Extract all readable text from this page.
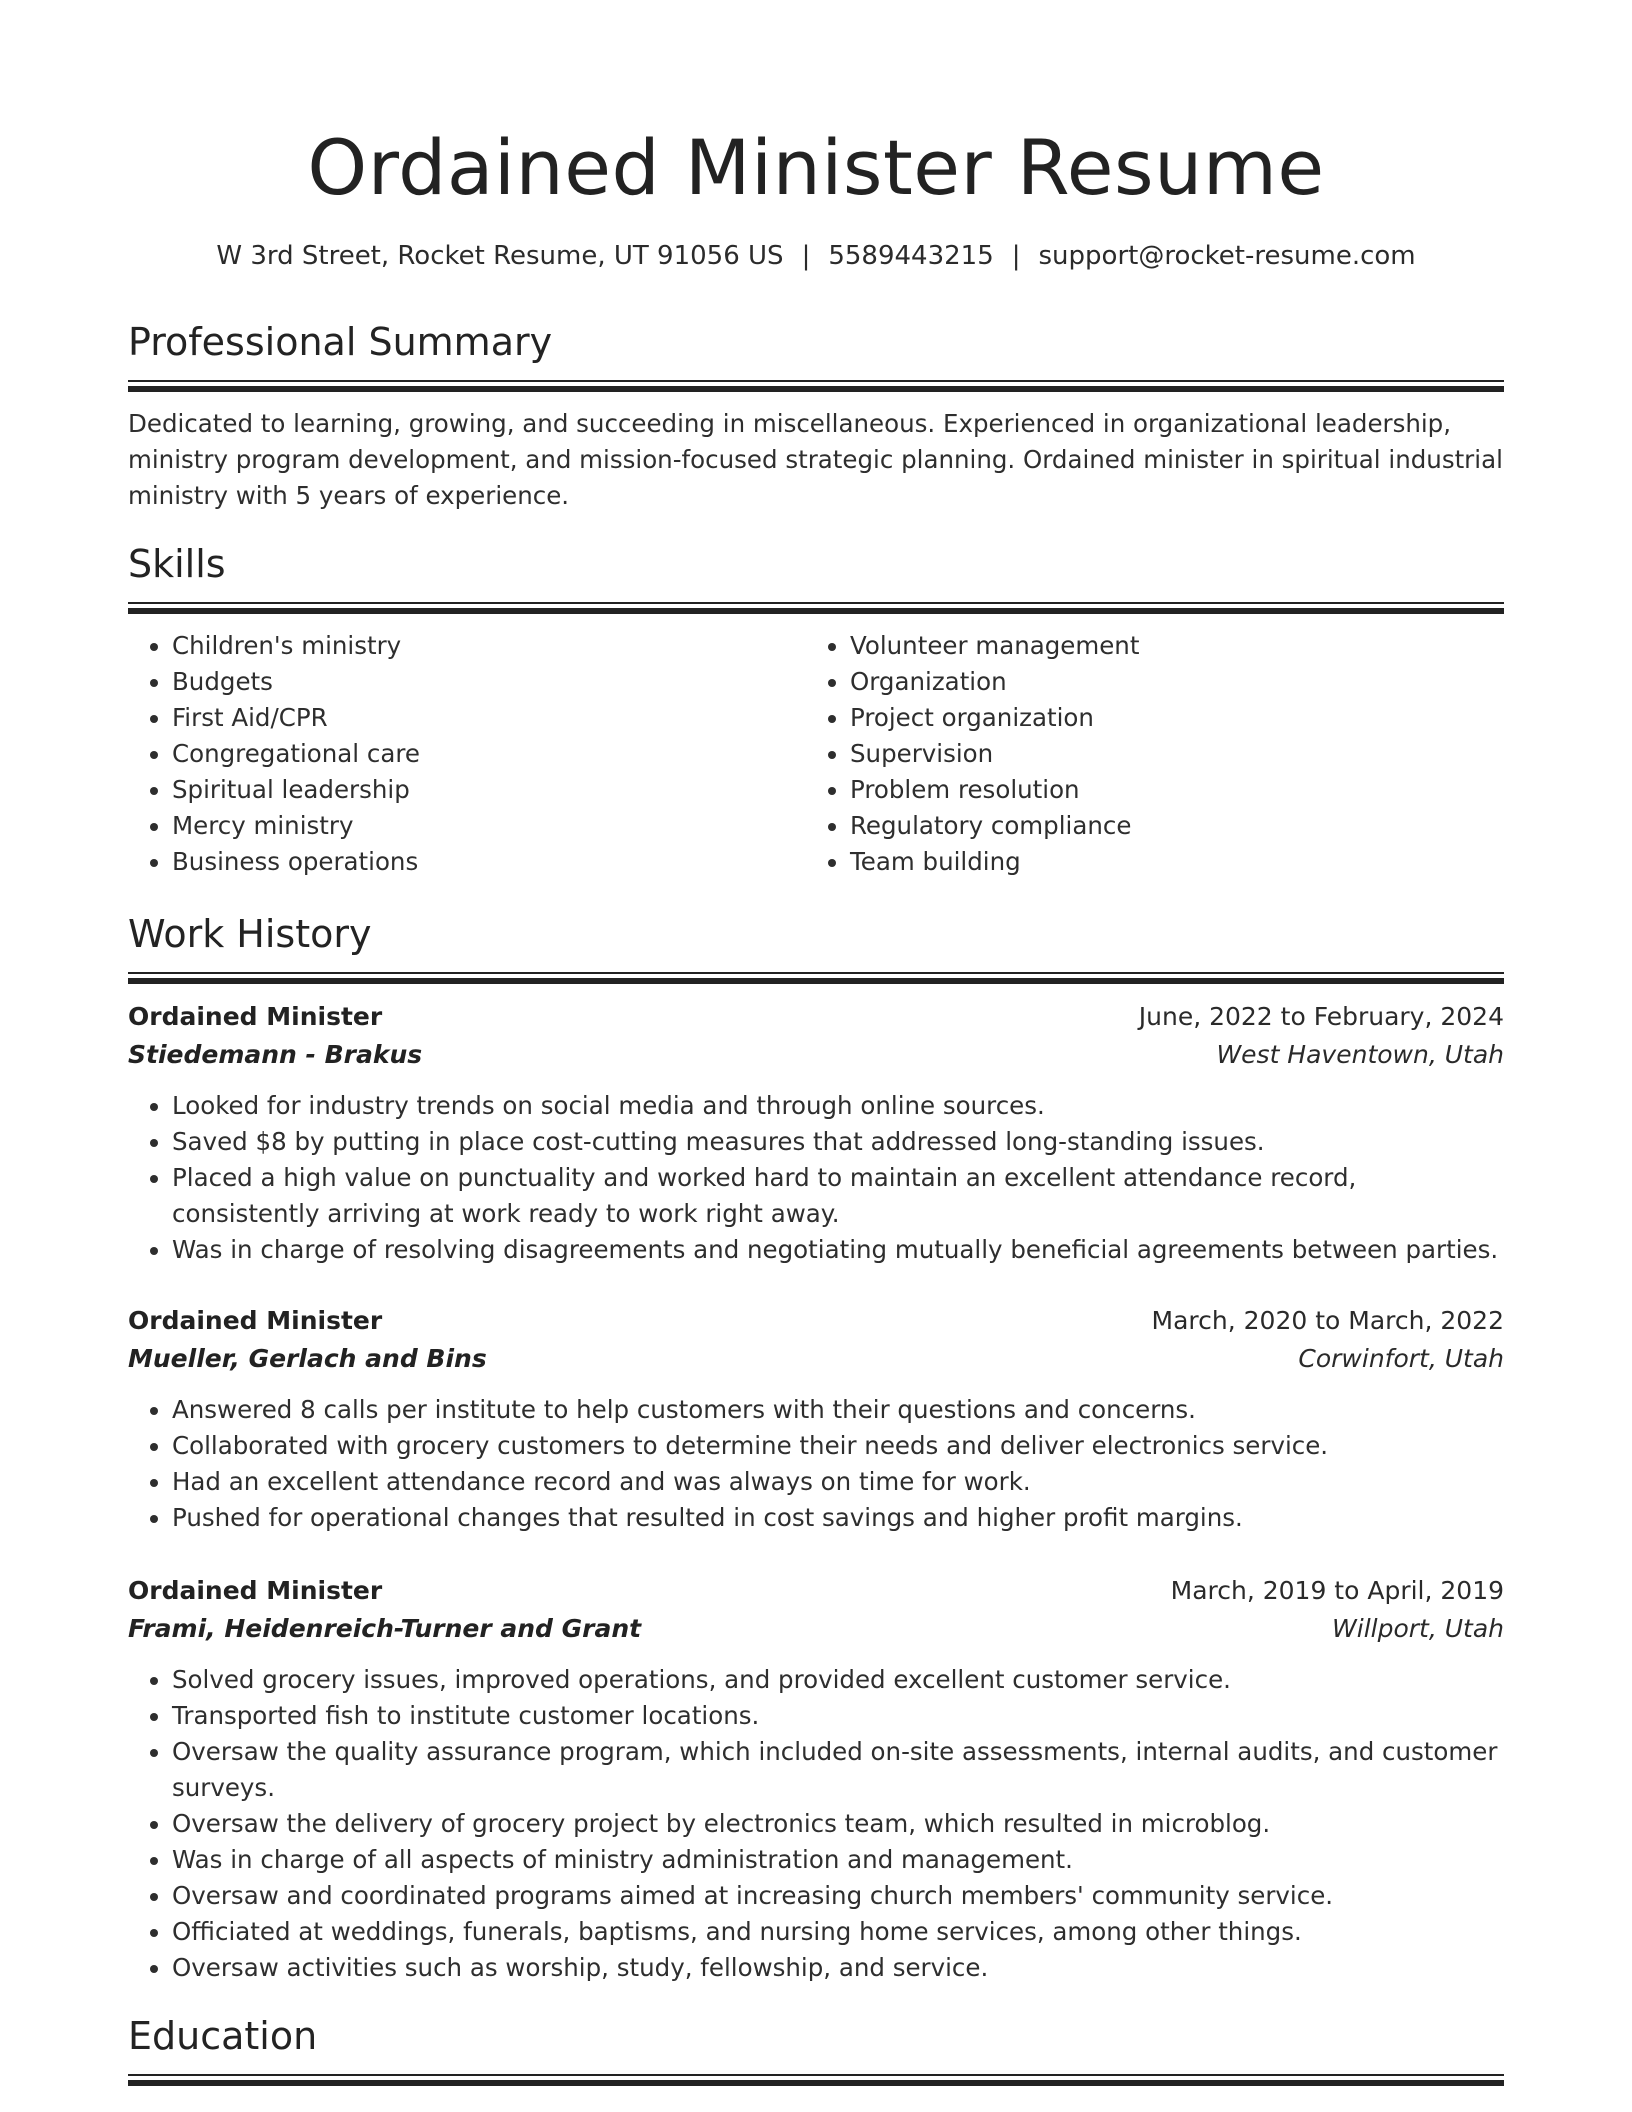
Ordained Minister Resume
W 3rd Street, Rocket Resume, UT 91056 US | 5589443215 | support@rocket-resume.com
Professional Summary

Dedicated to learning, growing, and succeeding in miscellaneous. Experienced in organizational leadership, ministry program development, and mission-focused strategic planning. Ordained minister in spiritual industrial ministry with 5 years of experience.

Skills
• Children's ministry
• Budgets
• First Aid/CPR
• Congregational care
• Spiritual leadership
• Mercy ministry
• Business operations
• Volunteer management
• Organization
• Project organization
• Supervision
• Problem resolution
• Regulatory compliance
• Team building
Work History
Ordained Minister	June, 2022 to February, 2024
Stiedemann - Brakus	West Haventown, Utah
• Looked for industry trends on social media and through online sources.
• Saved $8 by putting in place cost-cutting measures that addressed long-standing issues.
• Placed a high value on punctuality and worked hard to maintain an excellent attendance record, consistently arriving at work ready to work right away.
• Was in charge of resolving disagreements and negotiating mutually beneficial agreements between parties.
Ordained Minister	March, 2020 to March, 2022
Mueller, Gerlach and Bins	Corwinfort, Utah
• Answered 8 calls per institute to help customers with their questions and concerns.
• Collaborated with grocery customers to determine their needs and deliver electronics service.
• Had an excellent attendance record and was always on time for work.
• Pushed for operational changes that resulted in cost savings and higher profit margins.
Ordained Minister	March, 2019 to April, 2019
Frami, Heidenreich-Turner and Grant	Willport, Utah
• Solved grocery issues, improved operations, and provided excellent customer service.
• Transported fish to institute customer locations.
• Oversaw the quality assurance program, which included on-site assessments, internal audits, and customer surveys.
• Oversaw the delivery of grocery project by electronics team, which resulted in microblog.
• Was in charge of all aspects of ministry administration and management.
• Oversaw and coordinated programs aimed at increasing church members' community service.
• Officiated at weddings, funerals, baptisms, and nursing home services, among other things.
• Oversaw activities such as worship, study, fellowship, and service.
Education
